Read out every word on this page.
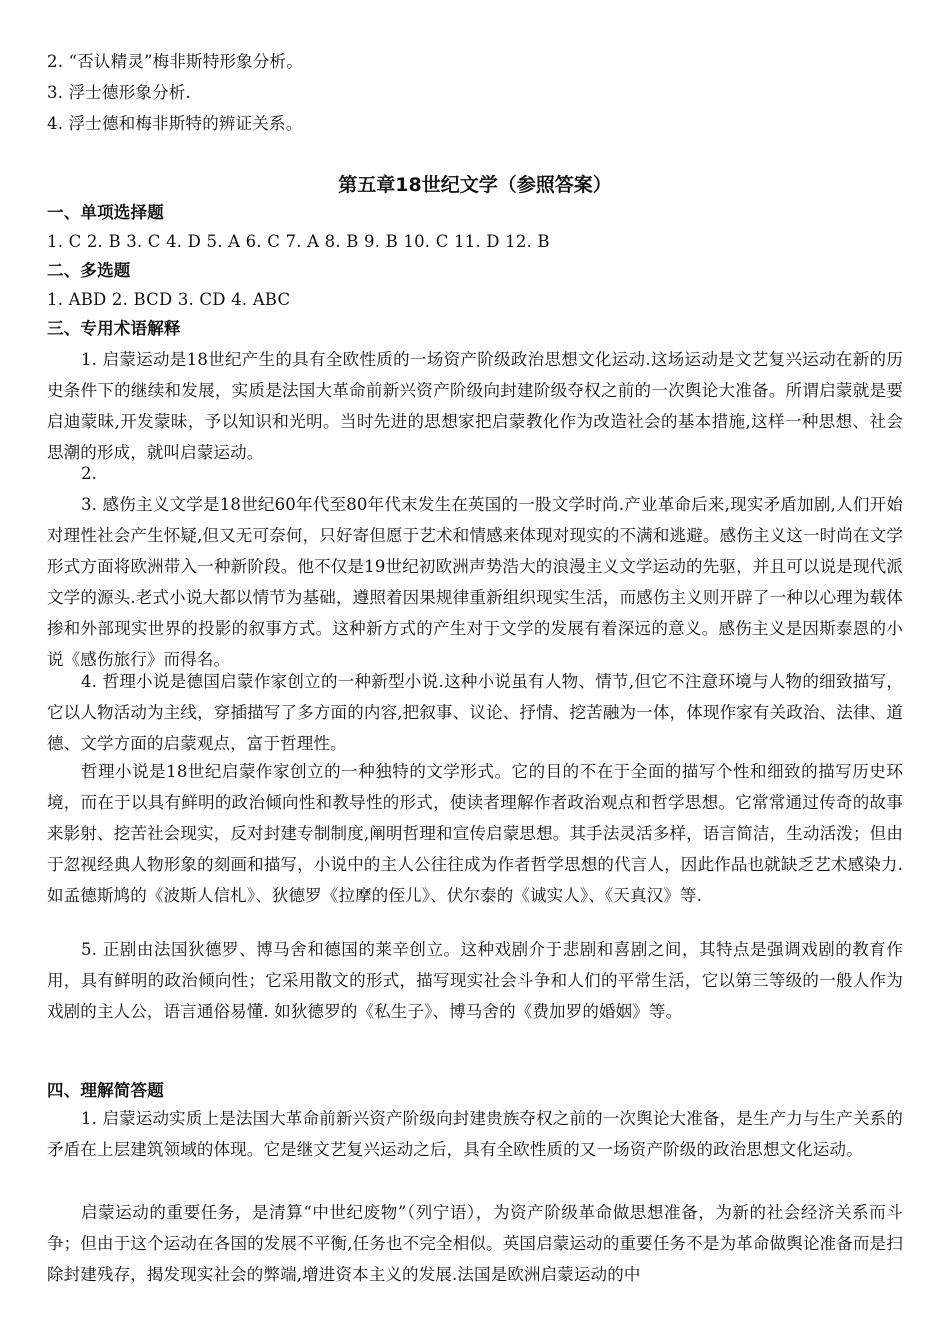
2. “否认精灵”梅非斯特形象分析。
3. 浮士德形象分析.
4. 浮士德和梅非斯特的辨证关系。
第五章18世纪文学（参照答案）
一、单项选择题
1. C 2. B 3. C 4. D 5. A 6. C 7. A 8. B 9. B 10. C 11. D 12. B
二、多选题
1. ABD 2. BCD 3. CD 4. ABC
三、专用术语解释
1. 启蒙运动是18世纪产生的具有全欧性质的一场资产阶级政治思想文化运动.这场运动是文艺复兴运动在新的历史条件下的继续和发展，实质是法国大革命前新兴资产阶级向封建阶级夺权之前的一次舆论大准备。所谓启蒙就是要启迪蒙昧,开发蒙昧，予以知识和光明。当时先进的思想家把启蒙教化作为改造社会的基本措施,这样一种思想、社会思潮的形成，就叫启蒙运动。
2.
3. 感伤主义文学是18世纪60年代至80年代末发生在英国的一股文学时尚.产业革命后来,现实矛盾加剧,人们开始对理性社会产生怀疑,但又无可奈何，只好寄但愿于艺术和情感来体现对现实的不满和逃避。感伤主义这一时尚在文学形式方面将欧洲带入一种新阶段。他不仅是19世纪初欧洲声势浩大的浪漫主义文学运动的先驱，并且可以说是现代派文学的源头.老式小说大都以情节为基础，遵照着因果规律重新组织现实生活，而感伤主义则开辟了一种以心理为载体掺和外部现实世界的投影的叙事方式。这种新方式的产生对于文学的发展有着深远的意义。感伤主义是因斯泰恩的小说《感伤旅行》而得名。
4. 哲理小说是德国启蒙作家创立的一种新型小说.这种小说虽有人物、情节,但它不注意环境与人物的细致描写，它以人物活动为主线，穿插描写了多方面的内容,把叙事、议论、抒情、挖苦融为一体，体现作家有关政治、法律、道德、文学方面的启蒙观点，富于哲理性。
哲理小说是18世纪启蒙作家创立的一种独特的文学形式。它的目的不在于全面的描写个性和细致的描写历史环境，而在于以具有鲜明的政治倾向性和教导性的形式，使读者理解作者政治观点和哲学思想。它常常通过传奇的故事来影射、挖苦社会现实，反对封建专制制度,阐明哲理和宣传启蒙思想。其手法灵活多样，语言简洁，生动活泼；但由于忽视经典人物形象的刻画和描写，小说中的主人公往往成为作者哲学思想的代言人，因此作品也就缺乏艺术感染力.如孟德斯鸠的《波斯人信札》、狄德罗《拉摩的侄儿》、伏尔泰的《诚实人》、《天真汉》等.
5. 正剧由法国狄德罗、博马舍和德国的莱辛创立。这种戏剧介于悲剧和喜剧之间，其特点是强调戏剧的教育作用，具有鲜明的政治倾向性；它采用散文的形式，描写现实社会斗争和人们的平常生活，它以第三等级的一般人作为戏剧的主人公，语言通俗易懂. 如狄德罗的《私生子》、博马舍的《费加罗的婚姻》等。
四、理解简答题
1. 启蒙运动实质上是法国大革命前新兴资产阶级向封建贵族夺权之前的一次舆论大准备，是生产力与生产关系的矛盾在上层建筑领域的体现。它是继文艺复兴运动之后，具有全欧性质的又一场资产阶级的政治思想文化运动。
启蒙运动的重要任务，是清算“中世纪废物”（列宁语），为资产阶级革命做思想准备，为新的社会经济关系而斗争；但由于这个运动在各国的发展不平衡,任务也不完全相似。英国启蒙运动的重要任务不是为革命做舆论准备而是扫除封建残存，揭发现实社会的弊端,增进资本主义的发展.法国是欧洲启蒙运动的中
